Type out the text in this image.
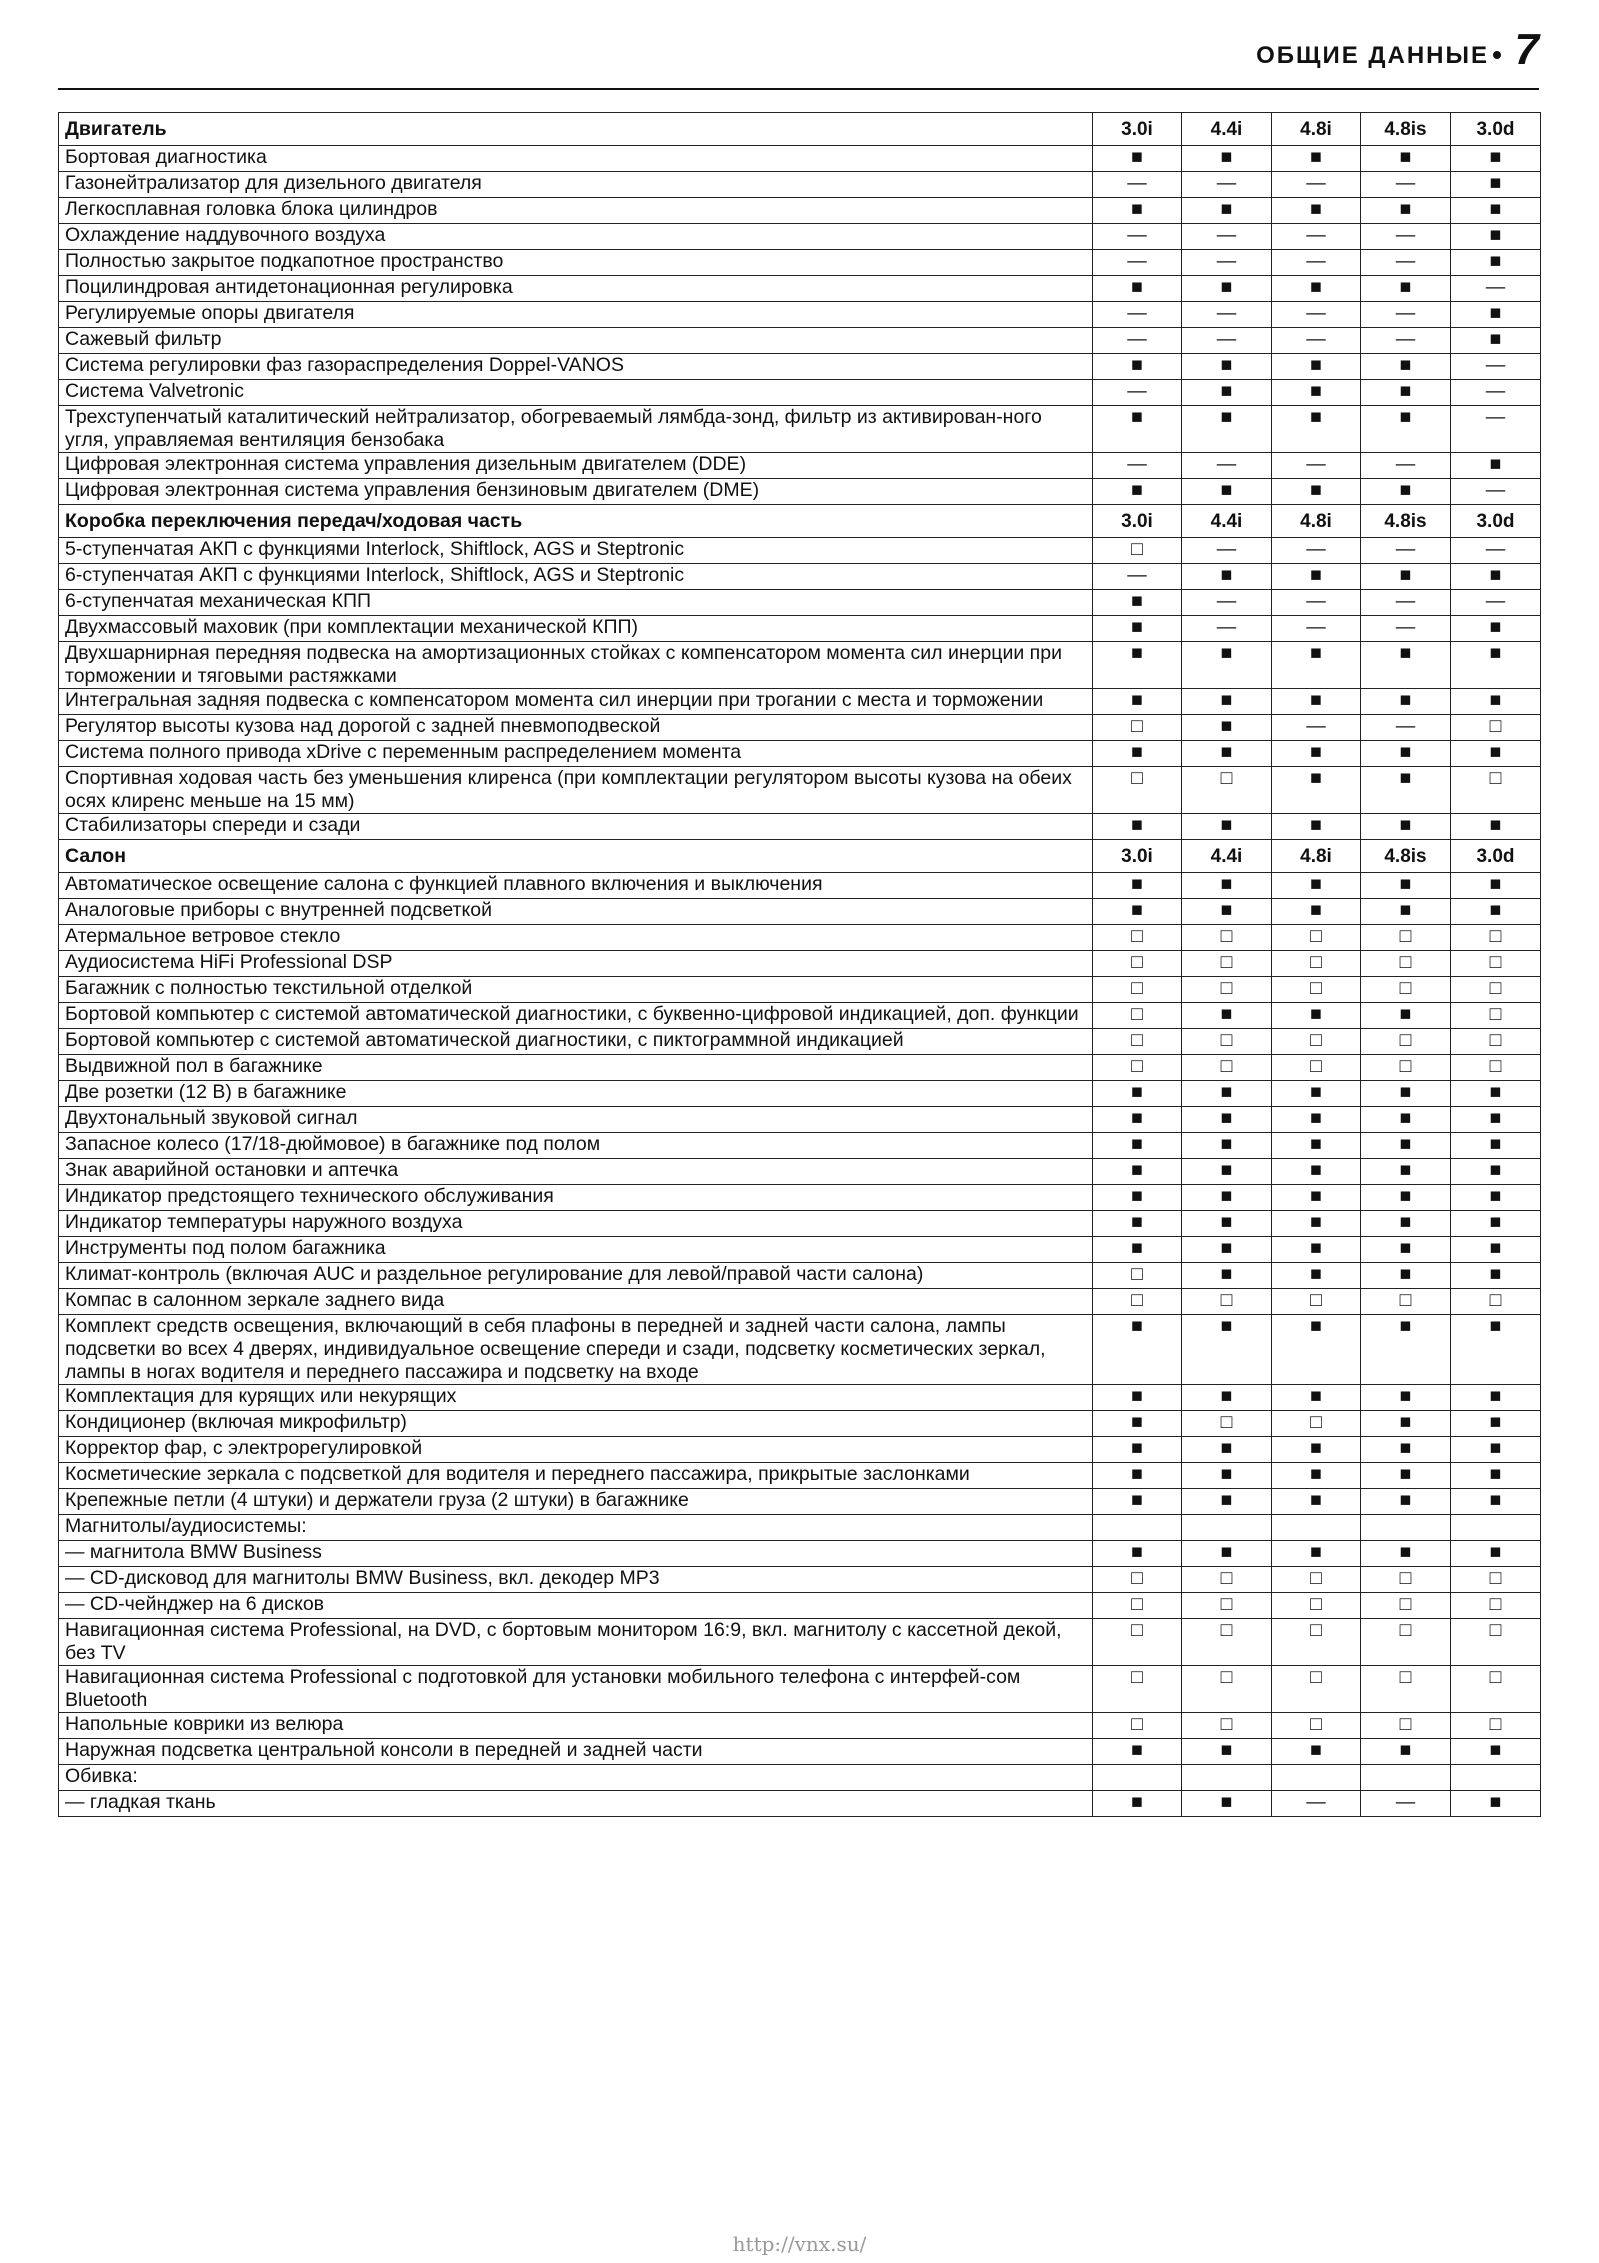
ОБЩИЕ ДАННЫЕ 7
Двигатель	3.0i	4.4i	4.8i	4.8is	3.0d
Бортовая диагностика	■	■	■	■	■
Газонейтрализатор для дизельного двигателя	—	—	—	—	■
Легкосплавная головка блока цилиндров	■	■	■	■	■
Охлаждение наддувочного воздуха	—	—	—	—	■
Полностью закрытое подкапотное пространство	—	—	—	—	■
Поцилиндровая антидетонационная регулировка	■	■	■	■	—
Регулируемые опоры двигателя	—	—	—	—	■
Сажевый фильтр	—	—	—	—	■
Система регулировки фаз газораспределения Doppel-VANOS	■	■	■	■	—
Система Valvetronic	—	■	■	■	—
Трехступенчатый каталитический нейтрализатор, обогреваемый лямбда-зонд, фильтр из активирован-ного угля, управляемая вентиляция бензобака	■	■	■	■	—
Цифровая электронная система управления дизельным двигателем (DDE)	—	—	—	—	■
Цифровая электронная система управления бензиновым двигателем (DME)	■	■	■	■	—
Коробка переключения передач/ходовая часть	3.0i	4.4i	4.8i	4.8is	3.0d
5-ступенчатая АКП с функциями Interlock, Shiftlock, AGS и Steptronic	□	—	—	—	—
6-ступенчатая АКП с функциями Interlock, Shiftlock, AGS и Steptronic	—	■	■	■	■
6-ступенчатая механическая КПП	■	—	—	—	—
Двухмассовый маховик (при комплектации механической КПП)	■	—	—	—	■
Двухшарнирная передняя подвеска на амортизационных стойках с компенсатором момента сил инерции при торможении и тяговыми растяжками	■	■	■	■	■
Интегральная задняя подвеска с компенсатором момента сил инерции при трогании с места и торможении	■	■	■	■	■
Регулятор высоты кузова над дорогой с задней пневмоподвеской	□	■	—	—	□
Система полного привода xDrive с переменным распределением момента	■	■	■	■	■
Спортивная ходовая часть без уменьшения клиренса (при комплектации регулятором высоты кузова на обеих осях клиренс меньше на 15 мм)	□	□	■	■	□
Стабилизаторы спереди и сзади	■	■	■	■	■
Салон	3.0i	4.4i	4.8i	4.8is	3.0d
Автоматическое освещение салона с функцией плавного включения и выключения	■	■	■	■	■
Аналоговые приборы с внутренней подсветкой	■	■	■	■	■
Атермальное ветровое стекло	□	□	□	□	□
Аудиосистема HiFi Professional DSP	□	□	□	□	□
Багажник с полностью текстильной отделкой	□	□	□	□	□
Бортовой компьютер с системой автоматической диагностики, с буквенно-цифровой индикацией, доп. функции	□	■	■	■	□
Бортовой компьютер с системой автоматической диагностики, с пиктограммной индикацией	□	□	□	□	□
Выдвижной пол в багажнике	□	□	□	□	□
Две розетки (12 В) в багажнике	■	■	■	■	■
Двухтональный звуковой сигнал	■	■	■	■	■
Запасное колесо (17/18-дюймовое) в багажнике под полом	■	■	■	■	■
Знак аварийной остановки и аптечка	■	■	■	■	■
Индикатор предстоящего технического обслуживания	■	■	■	■	■
Индикатор температуры наружного воздуха	■	■	■	■	■
Инструменты под полом багажника	■	■	■	■	■
Климат-контроль (включая AUC и раздельное регулирование для левой/правой части салона)	□	■	■	■	■
Компас в салонном зеркале заднего вида	□	□	□	□	□
Комплект средств освещения, включающий в себя плафоны в передней и задней части салона, лампы подсветки во всех 4 дверях, индивидуальное освещение спереди и сзади, подсветку косметических зеркал, лампы в ногах водителя и переднего пассажира и подсветку на входе	■	■	■	■	■
Комплектация для курящих или некурящих	■	■	■	■	■
Кондиционер (включая микрофильтр)	■	□	□	■	■
Корректор фар, с электрорегулировкой	■	■	■	■	■
Косметические зеркала с подсветкой для водителя и переднего пассажира, прикрытые заслонками	■	■	■	■	■
Крепежные петли (4 штуки) и держатели груза (2 штуки) в багажнике	■	■	■	■	■
Магнитолы/аудиосистемы:					
— магнитола BMW Business	■	■	■	■	■
— CD-дисковод для магнитолы BMW Business, вкл. декодер MP3	□	□	□	□	□
— CD-чейнджер на 6 дисков	□	□	□	□	□
Навигационная система Professional, на DVD, с бортовым монитором 16:9, вкл. магнитолу с кассетной декой, без TV	□	□	□	□	□
Навигационная система Professional с подготовкой для установки мобильного телефона с интерфей-сом Bluetooth	□	□	□	□	□
Напольные коврики из велюра	□	□	□	□	□
Наружная подсветка центральной консоли в передней и задней части	■	■	■	■	■
Обивка:					
— гладкая ткань	■	■	—	—	■
http://vnx.su/
